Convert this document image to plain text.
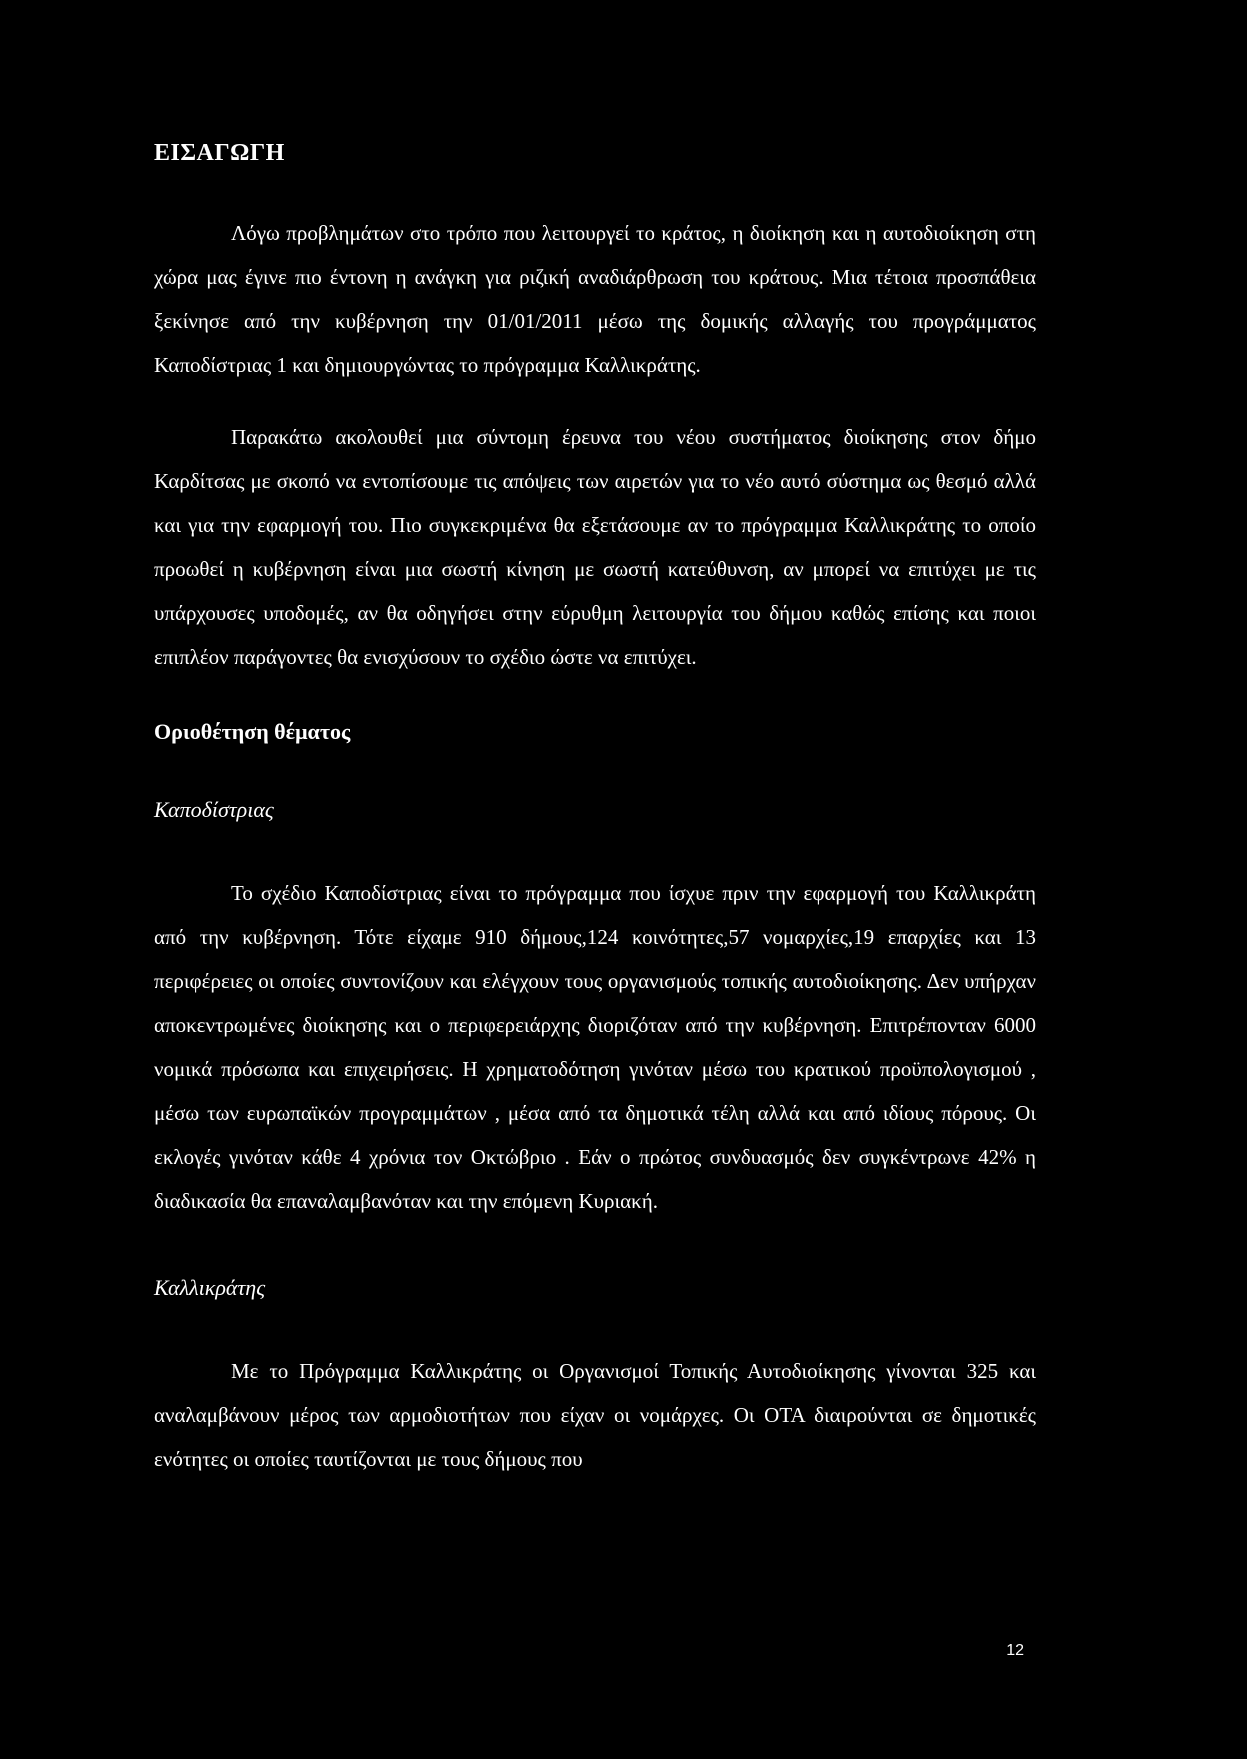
ΕΙΣΑΓΩΓΗ

Λόγω προβλημάτων στο τρόπο που λειτουργεί το κράτος, η διοίκηση και η αυτοδιοίκηση στη χώρα μας έγινε πιο έντονη η ανάγκη για ριζική αναδιάρθρωση του κράτους. Μια τέτοια προσπάθεια ξεκίνησε από την κυβέρνηση την 01/01/2011 μέσω της δομικής αλλαγής του προγράμματος Καποδίστριας 1 και δημιουργώντας το πρόγραμμα Καλλικράτης.

Παρακάτω ακολουθεί μια σύντομη έρευνα του νέου συστήματος διοίκησης στον δήμο Καρδίτσας με σκοπό να εντοπίσουμε τις απόψεις των αιρετών για το νέο αυτό σύστημα ως θεσμό αλλά και για την εφαρμογή του. Πιο συγκεκριμένα θα εξετάσουμε αν το πρόγραμμα Καλλικράτης το οποίο προωθεί η κυβέρνηση είναι μια σωστή κίνηση με σωστή κατεύθυνση, αν μπορεί να επιτύχει με τις υπάρχουσες υποδομές, αν θα οδηγήσει στην εύρυθμη λειτουργία του δήμου καθώς επίσης και ποιοι επιπλέον παράγοντες θα ενισχύσουν το σχέδιο ώστε να επιτύχει.

Οριοθέτηση θέματος
Καποδίστριας

Το σχέδιο Καποδίστριας είναι το πρόγραμμα που ίσχυε πριν την εφαρμογή του Καλλικράτη από την κυβέρνηση. Τότε είχαμε 910 δήμους,124 κοινότητες,57 νομαρχίες,19 επαρχίες και 13 περιφέρειες οι οποίες συντονίζουν και ελέγχουν τους οργανισμούς τοπικής αυτοδιοίκησης. Δεν υπήρχαν αποκεντρωμένες διοίκησης και ο περιφερειάρχης διοριζόταν από την κυβέρνηση. Επιτρέπονταν 6000 νομικά πρόσωπα και επιχειρήσεις. Η χρηματοδότηση γινόταν μέσω του κρατικού προϋπολογισμού , μέσω των ευρωπαϊκών προγραμμάτων , μέσα από τα δημοτικά τέλη αλλά και από ιδίους πόρους. Οι εκλογές γινόταν κάθε 4 χρόνια τον Οκτώβριο . Εάν ο πρώτος συνδυασμός δεν συγκέντρωνε 42% η διαδικασία θα επαναλαμβανόταν και την επόμενη Κυριακή.

Καλλικράτης

Με το Πρόγραμμα Καλλικράτης οι Οργανισμοί Τοπικής Αυτοδιοίκησης γίνονται 325 και αναλαμβάνουν μέρος των αρμοδιοτήτων που είχαν οι νομάρχες. Οι ΟΤΑ διαιρούνται σε δημοτικές ενότητες οι οποίες ταυτίζονται με τους δήμους που

12
